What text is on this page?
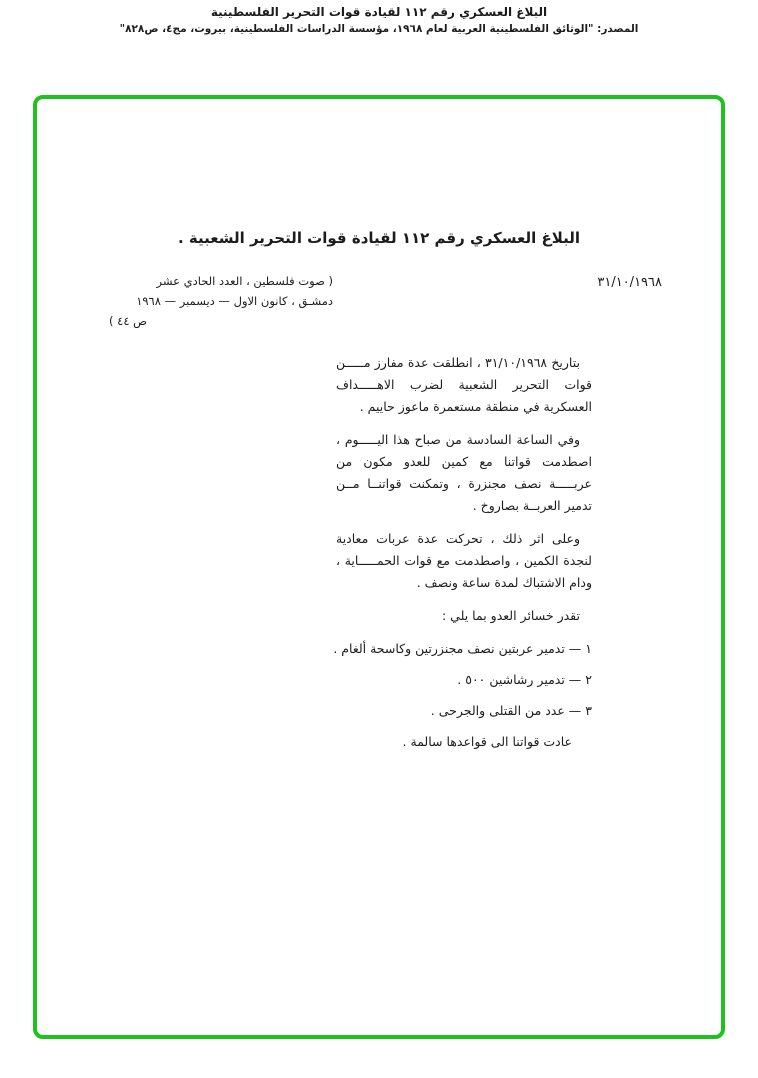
البلاغ العسكري رقم ١١٢ لقيادة قوات التحرير الفلسطينية
المصدر: "الوثائق الفلسطينية العربية لعام ١٩٦٨، مؤسسة الدراسات الفلسطينية، بيروت، مج٤، ص٨٢٨"
البلاغ العسكري رقم ١١٢ لقيادة قوات التحرير الشعبية .
٣١/١٠/١٩٦٨
( صوت فلسطين ، العدد الحادي عشر
دمشـق ، كانون الاول — ديسمبر — ١٩٦٨
ص ٤٤ )

بتاريخ ٣١/١٠/١٩٦٨ ، انطلقت عدة مفارز مـــــن قوات التحرير الشعبية لضرب الاهـــــداف العسكرية في منطقة مستعمرة ماعوز حاييم .

وفي الساعة السادسة من صباح هذا اليـــــوم ، اصطدمت قواتنا مع كمين للعدو مكون من عربـــــة نصف مجنزرة ، وتمكنت قواتنــا مــن تدمير العربــة بصاروخ .

وعلى اثر ذلك ، تحركت عدة عربات معادية لنجدة الكمين ، واصطدمت مع قوات الحمـــــاية ، ودام الاشتباك لمدة ساعة ونصف .

تقدر خسائر العدو بما يلي :

١ — تدمير عربتين نصف مجنزرتين وكاسحة ألغام .

٢ — تدمير رشاشين ٥٠٠ .

٣ — عدد من القتلى والجرحى .

عادت قواتنا الى قواعدها سالمة .
